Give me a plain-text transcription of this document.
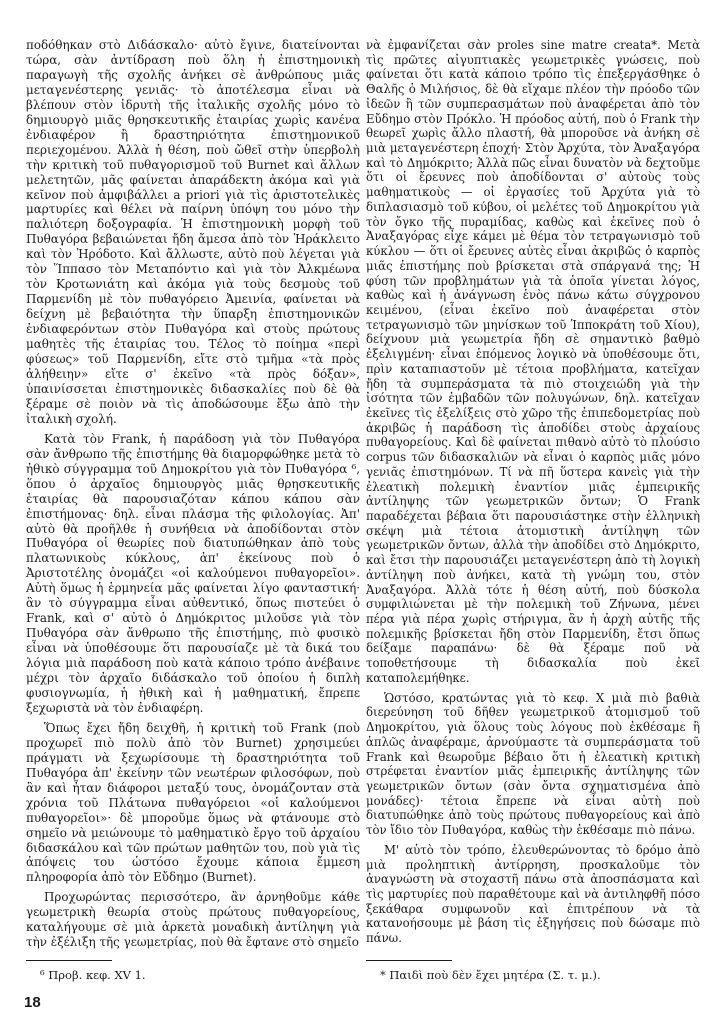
ποδόθηκαν στὸ Διδάσκαλο· αὐτὸ ἔγινε, διατείνονται τώρα, σὰν ἀντίδραση ποὺ ὅλη ἡ ἐπιστημονικὴ παραγωγὴ τῆς σχολῆς ἀνήκει σὲ ἀνθρώπους μιᾶς μεταγενέστερης γενιᾶς· τὸ ἀποτέλεσμα εἶναι νὰ βλέπουν στὸν ἱδρυτὴ τῆς ἰταλικῆς σχολῆς μόνο τὸ δημιουργὸ μιᾶς θρησκευτικῆς ἑταιρίας χωρὶς κανένα ἐνδιαφέρον ἢ δραστηριότητα ἐπιστημονικοῦ περιεχομένου. Ἀλλὰ ἡ θέση, ποὺ ὤθεῖ στὴν ὑπερβολὴ τὴν κριτικὴ τοῦ πυθαγορισμοῦ τοῦ Burnet καὶ ἄλλων μελετητῶν, μᾶς φαίνεται ἀπαράδεκτη ἀκόμα καὶ γιὰ κεῖνον ποὺ ἀμφιβάλλει a priori γιὰ τὶς ἀριστοτελικὲς μαρτυρίες καὶ θέλει νὰ παίρνη ὑπόψη του μόνο τὴν παλιότερη δοξογραφία. Ἡ ἐπιστημονικὴ μορφὴ τοῦ Πυθαγόρα βεβαιώνεται ἤδη ἄμεσα ἀπὸ τὸν Ἡράκλειτο καὶ τὸν Ἡρόδοτο. Καὶ ἄλλωστε, αὐτὸ ποὺ λέγεται γιὰ τὸν Ἵππασο τὸν Μεταπόντιο καὶ γιὰ τὸν Ἀλκμέωνα τὸν Κροτωνιάτη καὶ ἀκόμα γιὰ τοὺς δεσμοὺς τοῦ Παρμενίδη μὲ τὸν πυθαγόρειο Ἀμεινία, φαίνεται νὰ δείχνη μὲ βεβαιότητα τὴν ὕπαρξη ἐπιστημονικῶν ἐνδιαφερόντων στὸν Πυθαγόρα καὶ στοὺς πρώτους μαθητὲς τῆς ἑταιρίας του. Τέλος τὸ ποίημα «περὶ φύσεως» τοῦ Παρμενίδη, εἴτε στὸ τμῆμα «τὰ πρὸς ἀλήθειην» εἴτε σ' ἐκεῖνο «τὰ πρὸς δόξαν», ὑπαινίσσεται ἐπιστημονικὲς διδασκαλίες ποὺ δὲ θὰ ξέραμε σὲ ποιὸν νὰ τὶς ἀποδώσουμε ἔξω ἀπὸ τὴν ἰταλικὴ σχολή.

Κατὰ τὸν Frank, ἡ παράδοση γιὰ τὸν Πυθαγόρα σὰν ἄνθρωπο τῆς ἐπιστήμης θὰ διαμορφώθηκε μετὰ τὸ ἠθικὸ σύγγραμμα τοῦ Δημοκρίτου γιὰ τὸν Πυθαγόρα ⁶, ὅπου ὁ ἀρχαῖος δημιουργὸς μιᾶς θρησκευτικῆς ἑταιρίας θὰ παρουσιαζόταν κάπου κάπου σὰν ἐπιστήμονας· δηλ. εἶναι πλάσμα τῆς φιλολογίας. Ἀπ' αὐτὸ θὰ προῆλθε ἡ συνήθεια νὰ ἀποδίδονται στὸν Πυθαγόρα οἱ θεωρίες ποὺ διατυπώθηκαν ἀπὸ τοὺς πλατωνικοὺς κύκλους, ἀπ' ἐκείνους ποὺ ὁ Ἀριστοτέλης ὀνομάζει «οἱ καλούμενοι πυθαγορεῖοι». Αὐτὴ ὅμως ἡ ἑρμηνεία μᾶς φαίνεται λίγο φανταστική· ἂν τὸ σύγγραμμα εἶναι αὐθεντικό, ὅπως πιστεύει ὁ Frank, καὶ σ' αὐτὸ ὁ Δημόκριτος μιλοῦσε γιὰ τὸν Πυθαγόρα σὰν ἄνθρωπο τῆς ἐπιστήμης, πιὸ φυσικὸ εἶναι νὰ ὑποθέσουμε ὅτι παρουσίαζε μὲ τὰ δικά του λόγια μιὰ παράδοση ποὺ κατὰ κάποιο τρόπο ἀνέβαινε μέχρι τὸν ἀρχαῖο διδάσκαλο τοῦ ὁποίου ἡ διπλὴ φυσιογνωμία, ἡ ἠθικὴ καὶ ἡ μαθηματική, ἔπρεπε ξεχωριστὰ νὰ τὸν ἐνδιαφέρη.

Ὅπως ἔχει ἤδη δειχθῆ, ἡ κριτικὴ τοῦ Frank (ποὺ προχωρεῖ πιὸ πολὺ ἀπὸ τὸν Burnet) χρησιμεύει πράγματι νὰ ξεχωρίσουμε τὴ δραστηριότητα τοῦ Πυθαγόρα ἀπ' ἐκείνην τῶν νεωτέρων φιλοσόφων, ποὺ ἂν καὶ ἦταν διάφοροι μεταξύ τους, ὀνομάζονταν στὰ χρόνια τοῦ Πλάτωνα πυθαγόρειοι «οἱ καλούμενοι πυθαγορεῖοι»· δὲ μποροῦμε ὅμως νὰ φτάνουμε στὸ σημεῖο νὰ μειώνουμε τὸ μαθηματικὸ ἔργο τοῦ ἀρχαίου διδασκάλου καὶ τῶν πρώτων μαθητῶν του, ποὺ γιὰ τὶς ἀπόψεις του ὡστόσο ἔχουμε κάποια ἔμμεση πληροφορία ἀπὸ τὸν Εὔδημο (Burnet).

Προχωρώντας περισσότερο, ἂν ἀρνηθοῦμε κάθε γεωμετρικὴ θεωρία στοὺς πρώτους πυθαγορείους, καταλήγουμε σὲ μιὰ ἀρκετὰ μοναδικὴ ἀντίληψη γιὰ τὴν ἐξέλιξη τῆς γεωμετρίας, ποὺ θὰ ἔφτανε στὸ σημεῖο

νὰ ἐμφανίζεται σὰν proles sine matre creata*. Μετὰ τὶς πρῶτες αἰγυπτιακὲς γεωμετρικὲς γνώσεις, ποὺ φαίνεται ὅτι κατὰ κάποιο τρόπο τὶς ἐπεξεργάσθηκε ὁ Θαλῆς ὁ Μιλήσιος, δὲ θὰ εἴχαμε πλέον τὴν πρόοδο τῶν ἰδεῶν ἢ τῶν συμπερασμάτων ποὺ ἀναφέρεται ἀπὸ τὸν Εὔδημο στὸν Πρόκλο. Ἡ πρόοδος αὐτή, ποὺ ὁ Frank τὴν θεωρεῖ χωρὶς ἄλλο πλαστή, θὰ μποροῦσε νὰ ἀνήκη σὲ μιὰ μεταγενέστερη ἐποχή· Στὸν Ἀρχύτα, τὸν Ἀναξαγόρα καὶ τὸ Δημόκριτο; Ἀλλὰ πῶς εἶναι δυνατὸν νὰ δεχτοῦμε ὅτι οἱ ἔρευνες ποὺ ἀποδίδονται σ' αὐτοὺς τοὺς μαθηματικοὺς — οἱ ἐργασίες τοῦ Ἀρχύτα γιὰ τὸ διπλασιασμὸ τοῦ κύβου, οἱ μελέτες τοῦ Δημοκρίτου γιὰ τὸν ὄγκο τῆς πυραμίδας, καθὼς καὶ ἐκεῖνες ποὺ ὁ Ἀναξαγόρας εἶχε κάμει μὲ θέμα τὸν τετραγωνισμὸ τοῦ κύκλου — ὅτι οἱ ἔρευνες αὐτὲς εἶναι ἀκριβῶς ὁ καρπὸς μιᾶς ἐπιστήμης ποὺ βρίσκεται στὰ σπάργανά της; Ἡ φύση τῶν προβλημάτων γιὰ τὰ ὁποῖα γίνεται λόγος, καθὼς καὶ ἡ ἀνάγνωση ἑνὸς πάνω κάτω σύγχρονου κειμένου, (εἶναι ἐκεῖνο ποὺ ἀναφέρεται στὸν τετραγωνισμὸ τῶν μηνίσκων τοῦ Ἱπποκράτη τοῦ Χίου), δείχνουν μιὰ γεωμετρία ἤδη σὲ σημαντικὸ βαθμὸ ἐξελιγμένη· εἶναι ἑπόμενος λογικὸ νὰ ὑποθέσουμε ὅτι, πρὶν καταπιαστοῦν μὲ τέτοια προβλήματα, κατεῖχαν ἤδη τὰ συμπεράσματα τὰ πιὸ στοιχειώδη γιὰ τὴν ἰσότητα τῶν ἐμβαδῶν τῶν πολυγώνων, δηλ. κατεῖχαν ἐκεῖνες τὶς ἐξελίξεις στὸ χῶρο τῆς ἐπιπεδομετρίας ποὺ ἀκριβῶς ἡ παράδοση τὶς ἀποδίδει στοὺς ἀρχαίους πυθαγορείους. Καὶ δὲ φαίνεται πιθανὸ αὐτὸ τὸ πλούσιο corpus τῶν διδασκαλιῶν νὰ εἶναι ὁ καρπὸς μιᾶς μόνο γενιᾶς ἐπιστημόνων. Τί νὰ πῆ ὕστερα κανεὶς γιὰ τὴν ἐλεατικὴ πολεμικὴ ἐναντίον μιᾶς ἐμπειρικῆς ἀντίληψης τῶν γεωμετρικῶν ὄντων; Ὁ Frank παραδέχεται βέβαια ὅτι παρουσιάστηκε στὴν ἑλληνικὴ σκέψη μιὰ τέτοια ἀτομιστικὴ ἀντίληψη τῶν γεωμετρικῶν ὄντων, ἀλλὰ τὴν ἀποδίδει στὸ Δημόκριτο, καὶ ἔτσι τὴν παρουσιάζει μεταγενέστερη ἀπὸ τὴ λογικὴ ἀντίληψη ποὺ ἀνήκει, κατὰ τὴ γνώμη του, στὸν Ἀναξαγόρα. Ἀλλὰ τότε ἡ θέση αὐτή, ποὺ δύσκολα συμφιλιώνεται μὲ τὴν πολεμικὴ τοῦ Ζήνωνα, μένει πέρα γιὰ πέρα χωρὶς στήριγμα, ἂν ἡ ἀρχὴ αὐτῆς τῆς πολεμικῆς βρίσκεται ἤδη στὸν Παρμενίδη, ἔτσι ὅπως δείξαμε παραπάνω· δὲ θὰ ξέραμε ποῦ νὰ τοποθετήσουμε τὴ διδασκαλία ποὺ ἐκεῖ καταπολεμήθηκε.

Ὡστόσο, κρατώντας γιὰ τὸ κεφ. X μιὰ πιὸ βαθιὰ διερεύνηση τοῦ δῆθεν γεωμετρικοῦ ἀτομισμοῦ τοῦ Δημοκρίτου, γιὰ ὅλους τοὺς λόγους ποὺ ἐκθέσαμε ἢ ἁπλῶς ἀναφέραμε, ἀρνούμαστε τὰ συμπεράσματα τοῦ Frank καὶ θεωροῦμε βέβαιο ὅτι ἡ ἐλεατικὴ κριτικὴ στρέφεται ἐναντίον μιᾶς ἐμπειρικῆς ἀντίληψης τῶν γεωμετρικῶν ὄντων (σὰν ὄντα σχηματισμένα ἀπὸ μονάδες)· τέτοια ἔπρεπε νὰ εἶναι αὐτὴ ποὺ διατυπώθηκε ἀπὸ τοὺς πρώτους πυθαγορείους καὶ ἀπὸ τὸν ἴδιο τὸν Πυθαγόρα, καθὼς τὴν ἐκθέσαμε πιὸ πάνω.

Μ' αὐτὸ τὸν τρόπο, ἐλευθερώνοντας τὸ δρόμο ἀπὸ μιὰ προληπτικὴ ἀντίρρηση, προσκαλοῦμε τὸν ἀναγνώστη νὰ στοχαστῆ πάνω στὰ ἀποσπάσματα καὶ τὶς μαρτυρίες ποὺ παραθέτουμε καὶ νὰ ἀντιληφθῆ πόσο ξεκάθαρα συμφωνοῦν καὶ ἐπιτρέπουν νὰ τὰ κατανοήσουμε μὲ βάση τὶς ἐξηγήσεις ποὺ δώσαμε πιὸ πάνω.

⁶ Προβ. κεφ. XV 1.	* Παιδὶ ποὺ δὲν ἔχει μητέρα (Σ. τ. μ.).
18
